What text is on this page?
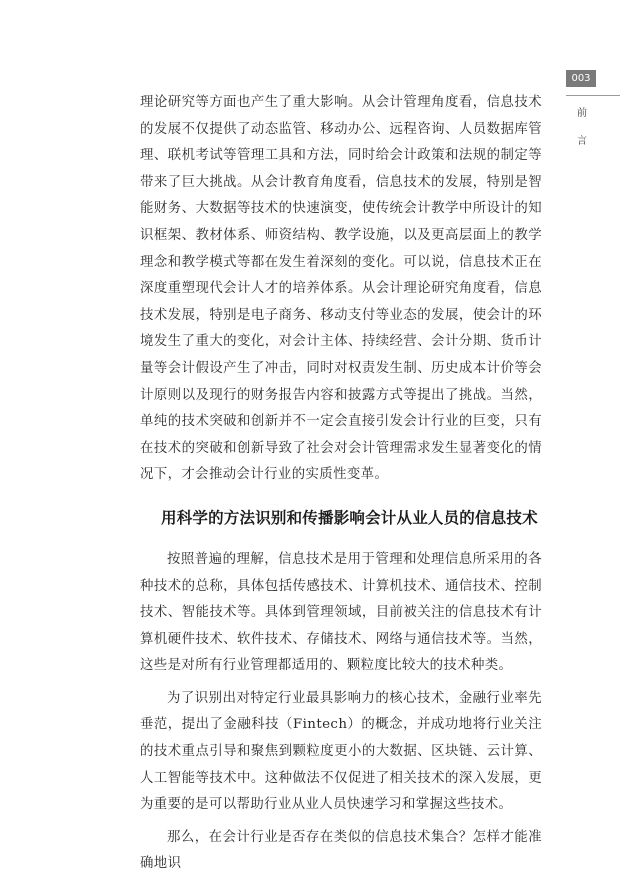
003
前
言

理论研究等方面也产生了重大影响。从会计管理角度看，信息技术的发展不仅提供了动态监管、移动办公、远程咨询、人员数据库管理、联机考试等管理工具和方法，同时给会计政策和法规的制定等带来了巨大挑战。从会计教育角度看，信息技术的发展，特别是智能财务、大数据等技术的快速演变，使传统会计教学中所设计的知识框架、教材体系、师资结构、教学设施，以及更高层面上的教学理念和教学模式等都在发生着深刻的变化。可以说，信息技术正在深度重塑现代会计人才的培养体系。从会计理论研究角度看，信息技术发展，特别是电子商务、移动支付等业态的发展，使会计的环境发生了重大的变化，对会计主体、持续经营、会计分期、货币计量等会计假设产生了冲击，同时对权责发生制、历史成本计价等会计原则以及现行的财务报告内容和披露方式等提出了挑战。当然，单纯的技术突破和创新并不一定会直接引发会计行业的巨变，只有在技术的突破和创新导致了社会对会计管理需求发生显著变化的情况下，才会推动会计行业的实质性变革。

用科学的方法识别和传播影响会计从业人员的信息技术

按照普遍的理解，信息技术是用于管理和处理信息所采用的各种技术的总称，具体包括传感技术、计算机技术、通信技术、控制技术、智能技术等。具体到管理领域，目前被关注的信息技术有计算机硬件技术、软件技术、存储技术、网络与通信技术等。当然，这些是对所有行业管理都适用的、颗粒度比较大的技术种类。

为了识别出对特定行业最具影响力的核心技术，金融行业率先垂范，提出了金融科技（Fintech）的概念，并成功地将行业关注的技术重点引导和聚焦到颗粒度更小的大数据、区块链、云计算、人工智能等技术中。这种做法不仅促进了相关技术的深入发展，更为重要的是可以帮助行业从业人员快速学习和掌握这些技术。

那么，在会计行业是否存在类似的信息技术集合？怎样才能准确地识
